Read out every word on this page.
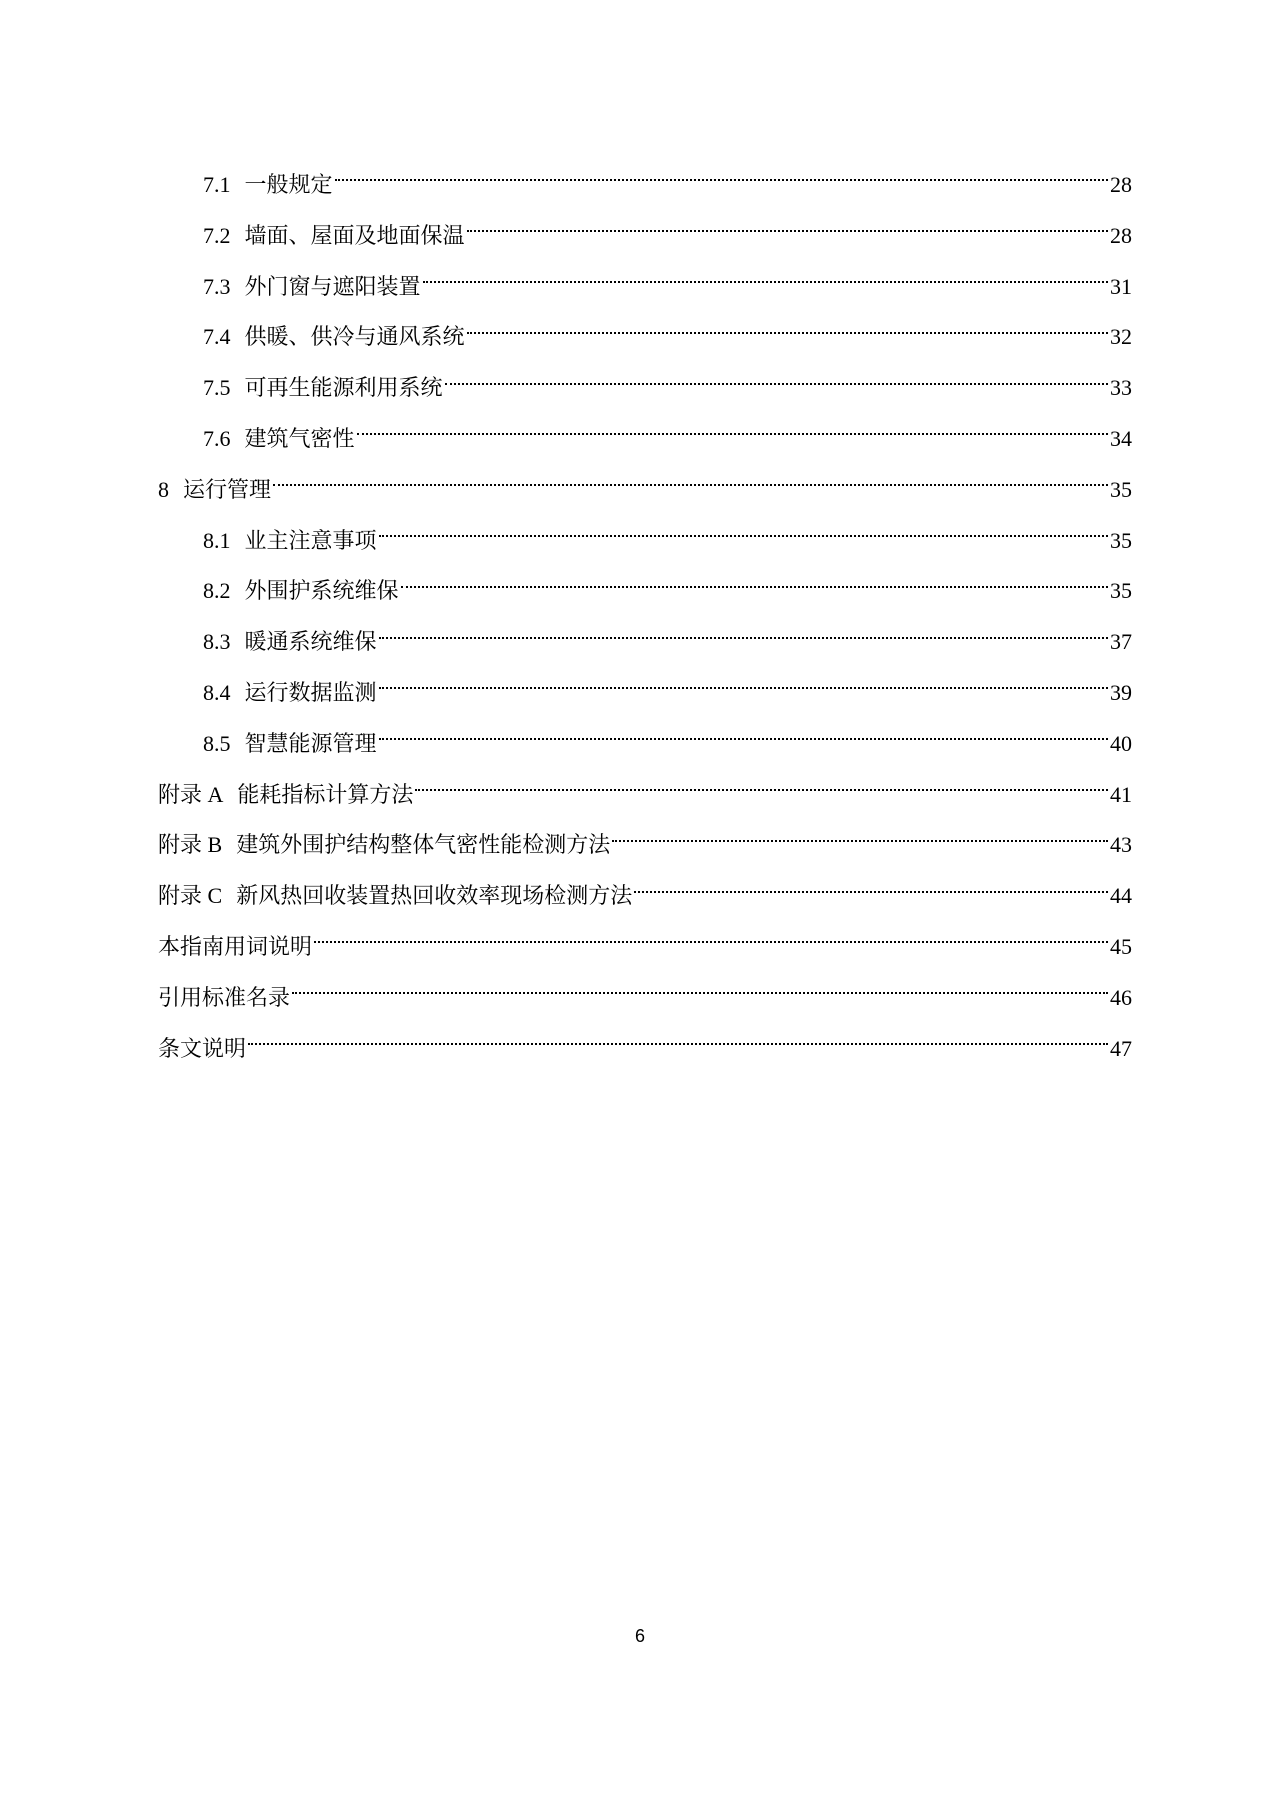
7.1 一般规定	28
7.2 墙面、屋面及地面保温	28
7.3 外门窗与遮阳装置	31
7.4 供暖、供冷与通风系统	32
7.5 可再生能源利用系统	33
7.6 建筑气密性	34
8 运行管理	35
8.1 业主注意事项	35
8.2 外围护系统维保	35
8.3 暖通系统维保	37
8.4 运行数据监测	39
8.5 智慧能源管理	40
附录 A 能耗指标计算方法	41
附录 B 建筑外围护结构整体气密性能检测方法	43
附录 C 新风热回收装置热回收效率现场检测方法	44
本指南用词说明	45
引用标准名录	46
条文说明	47
6
